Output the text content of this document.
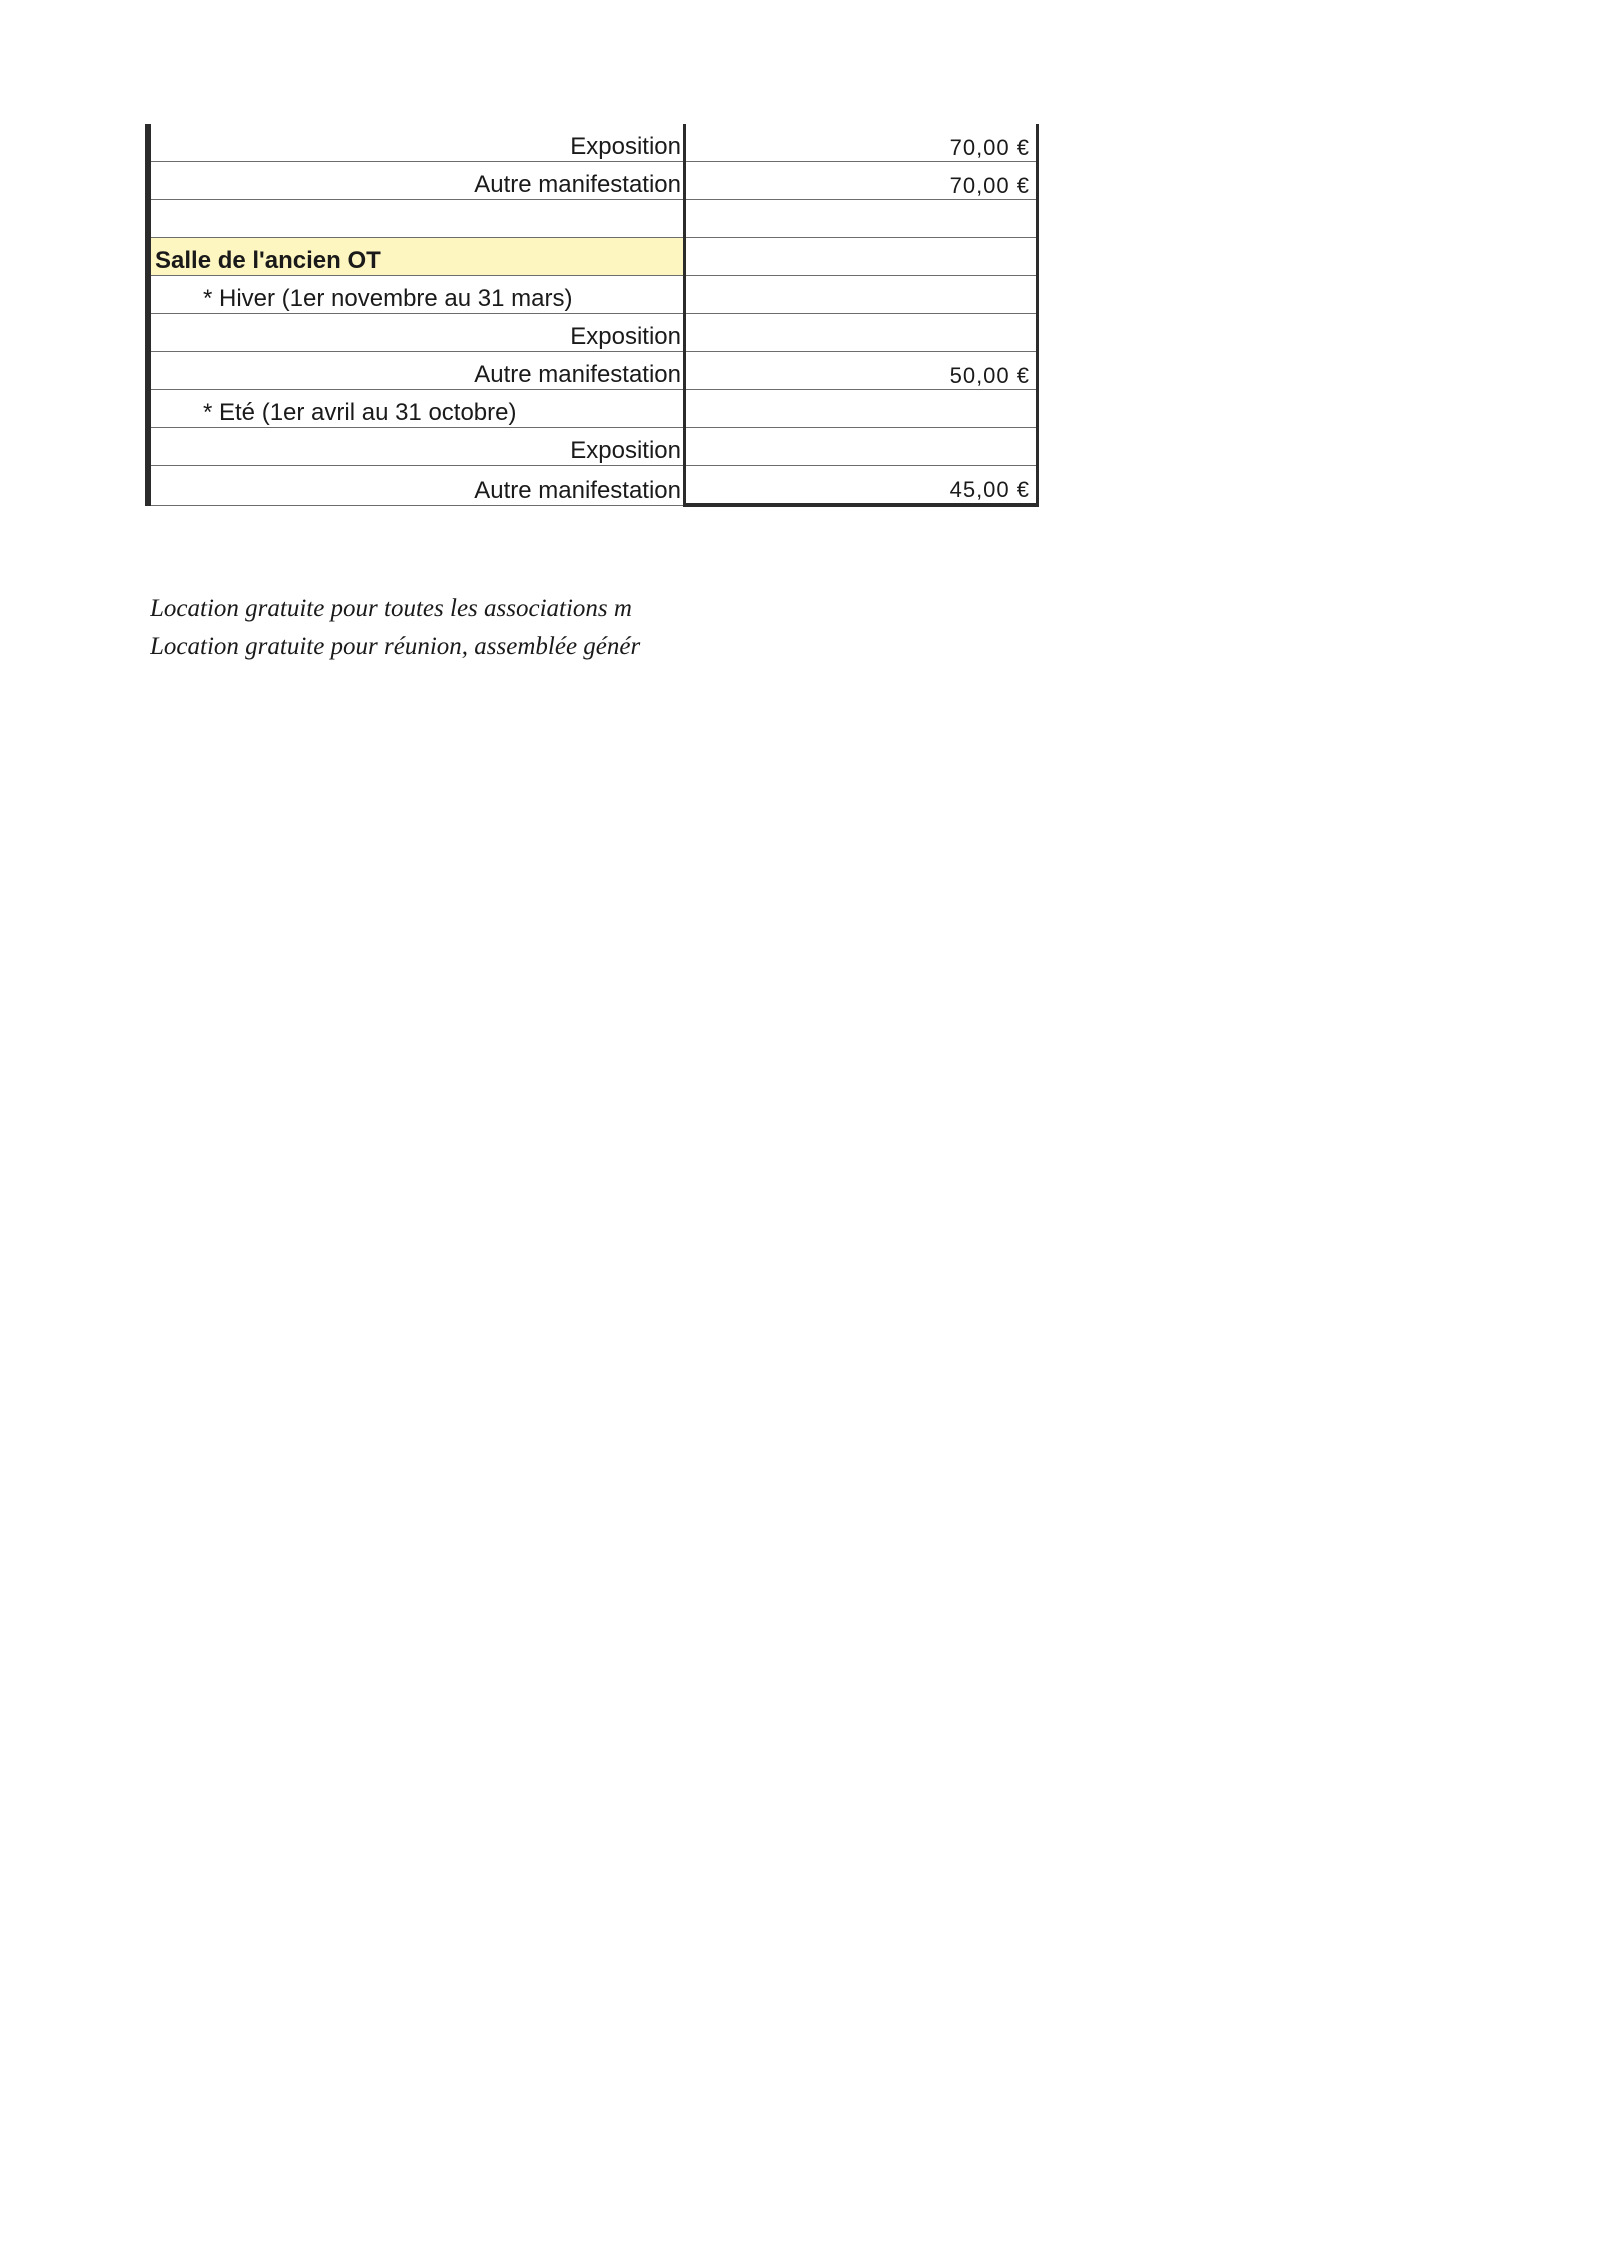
Exposition	70,00 €
Autre manifestation	70,00 €

Salle de l'ancien OT	
* Hiver (1er novembre au 31 mars)	
Exposition	
Autre manifestation	50,00 €
* Eté (1er avril au 31 octobre)	
Exposition	
Autre manifestation	45,00 €

Location gratuite pour toutes les associations m

Location gratuite pour réunion, assemblée génér
